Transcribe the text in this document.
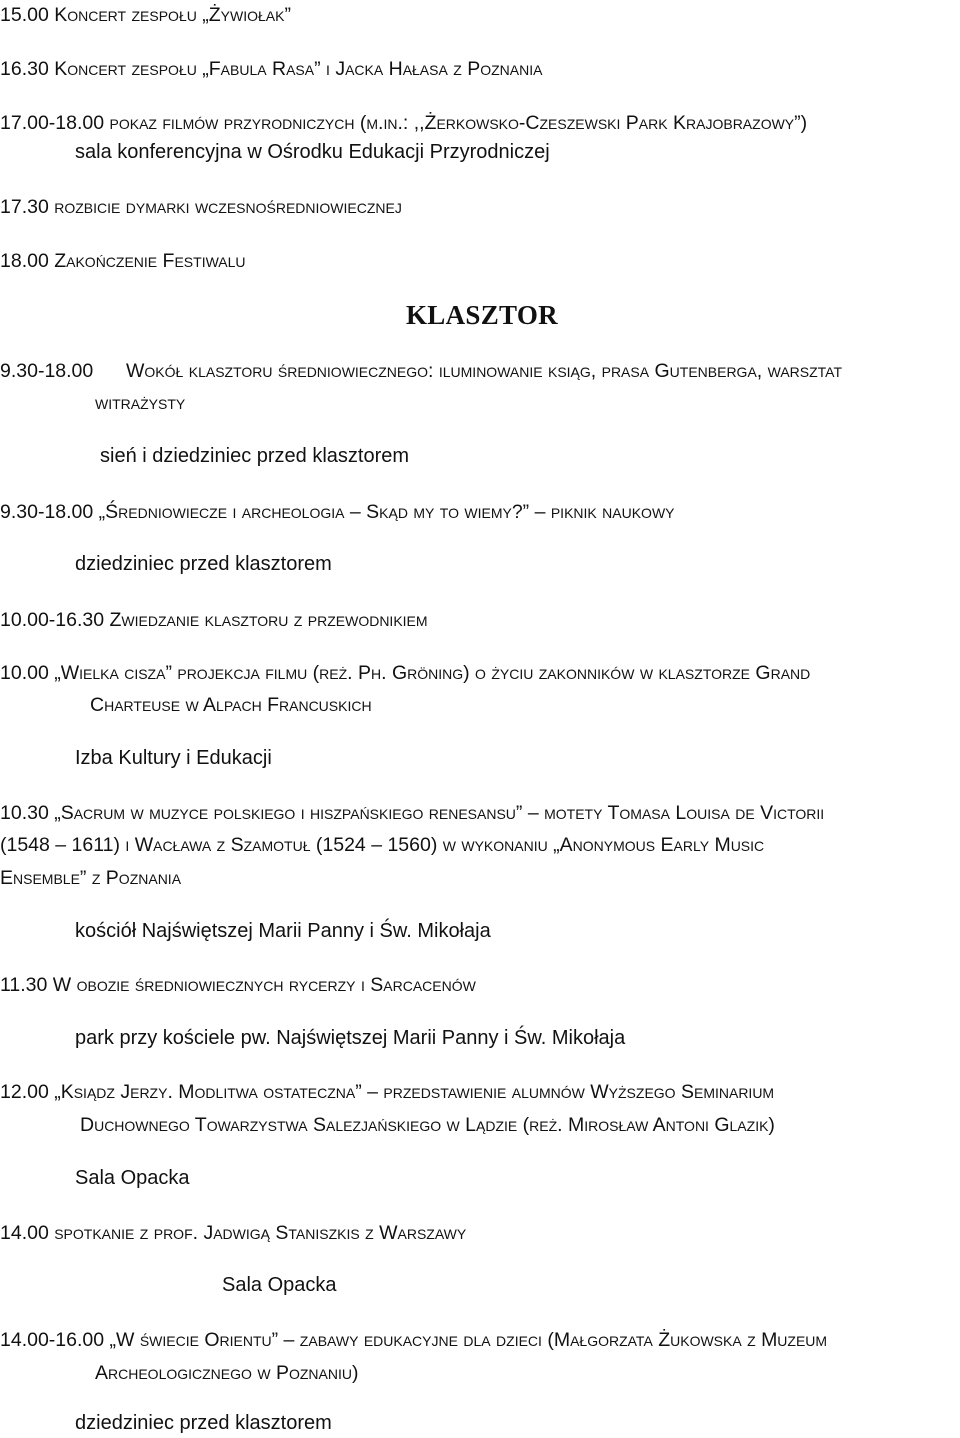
15.00 Koncert zespołu „Żywiołak”
16.30 Koncert zespołu „Fabula Rasa” i Jacka Hałasa z Poznania
17.00-18.00 pokaz filmów przyrodniczych (m.in.: ,,Żerkowsko-Czeszewski Park Krajobrazowy”)
sala konferencyjna w Ośrodku Edukacji Przyrodniczej
17.30 rozbicie dymarki wczesnośredniowiecznej
18.00 Zakończenie Festiwalu
KLASZTOR
9.30-18.00 Wokół klasztoru średniowiecznego: iluminowanie ksiąg, prasa Gutenberga, warsztat
witrażysty
sień i dziedziniec przed klasztorem
9.30-18.00 „Średniowiecze i archeologia – Skąd my to wiemy?” – piknik naukowy
dziedziniec przed klasztorem
10.00-16.30 Zwiedzanie klasztoru z przewodnikiem
10.00 „Wielka cisza” projekcja filmu (reż. Ph. Gröning) o życiu zakonników w klasztorze Grand
Charteuse w Alpach Francuskich
Izba Kultury i Edukacji
10.30 „Sacrum w muzyce polskiego i hiszpańskiego renesansu” – motety Tomasa Louisa de Victorii
(1548 – 1611) i Wacława z Szamotuł (1524 – 1560) w wykonaniu „Anonymous Early Music
Ensemble” z Poznania
kościół Najświętszej Marii Panny i Św. Mikołaja
11.30 W obozie średniowiecznych rycerzy i Sarcacenów
park przy kościele pw. Najświętszej Marii Panny i Św. Mikołaja
12.00 „Ksiądz Jerzy. Modlitwa ostateczna” – przedstawienie alumnów Wyższego Seminarium
Duchownego Towarzystwa Salezjańskiego w Lądzie (reż. Mirosław Antoni Glazik)
Sala Opacka
14.00 spotkanie z prof. Jadwigą Staniszkis z Warszawy
Sala Opacka
14.00-16.00 „W świecie Orientu” – zabawy edukacyjne dla dzieci (Małgorzata Żukowska z Muzeum
Archeologicznego w Poznaniu)
dziedziniec przed klasztorem
